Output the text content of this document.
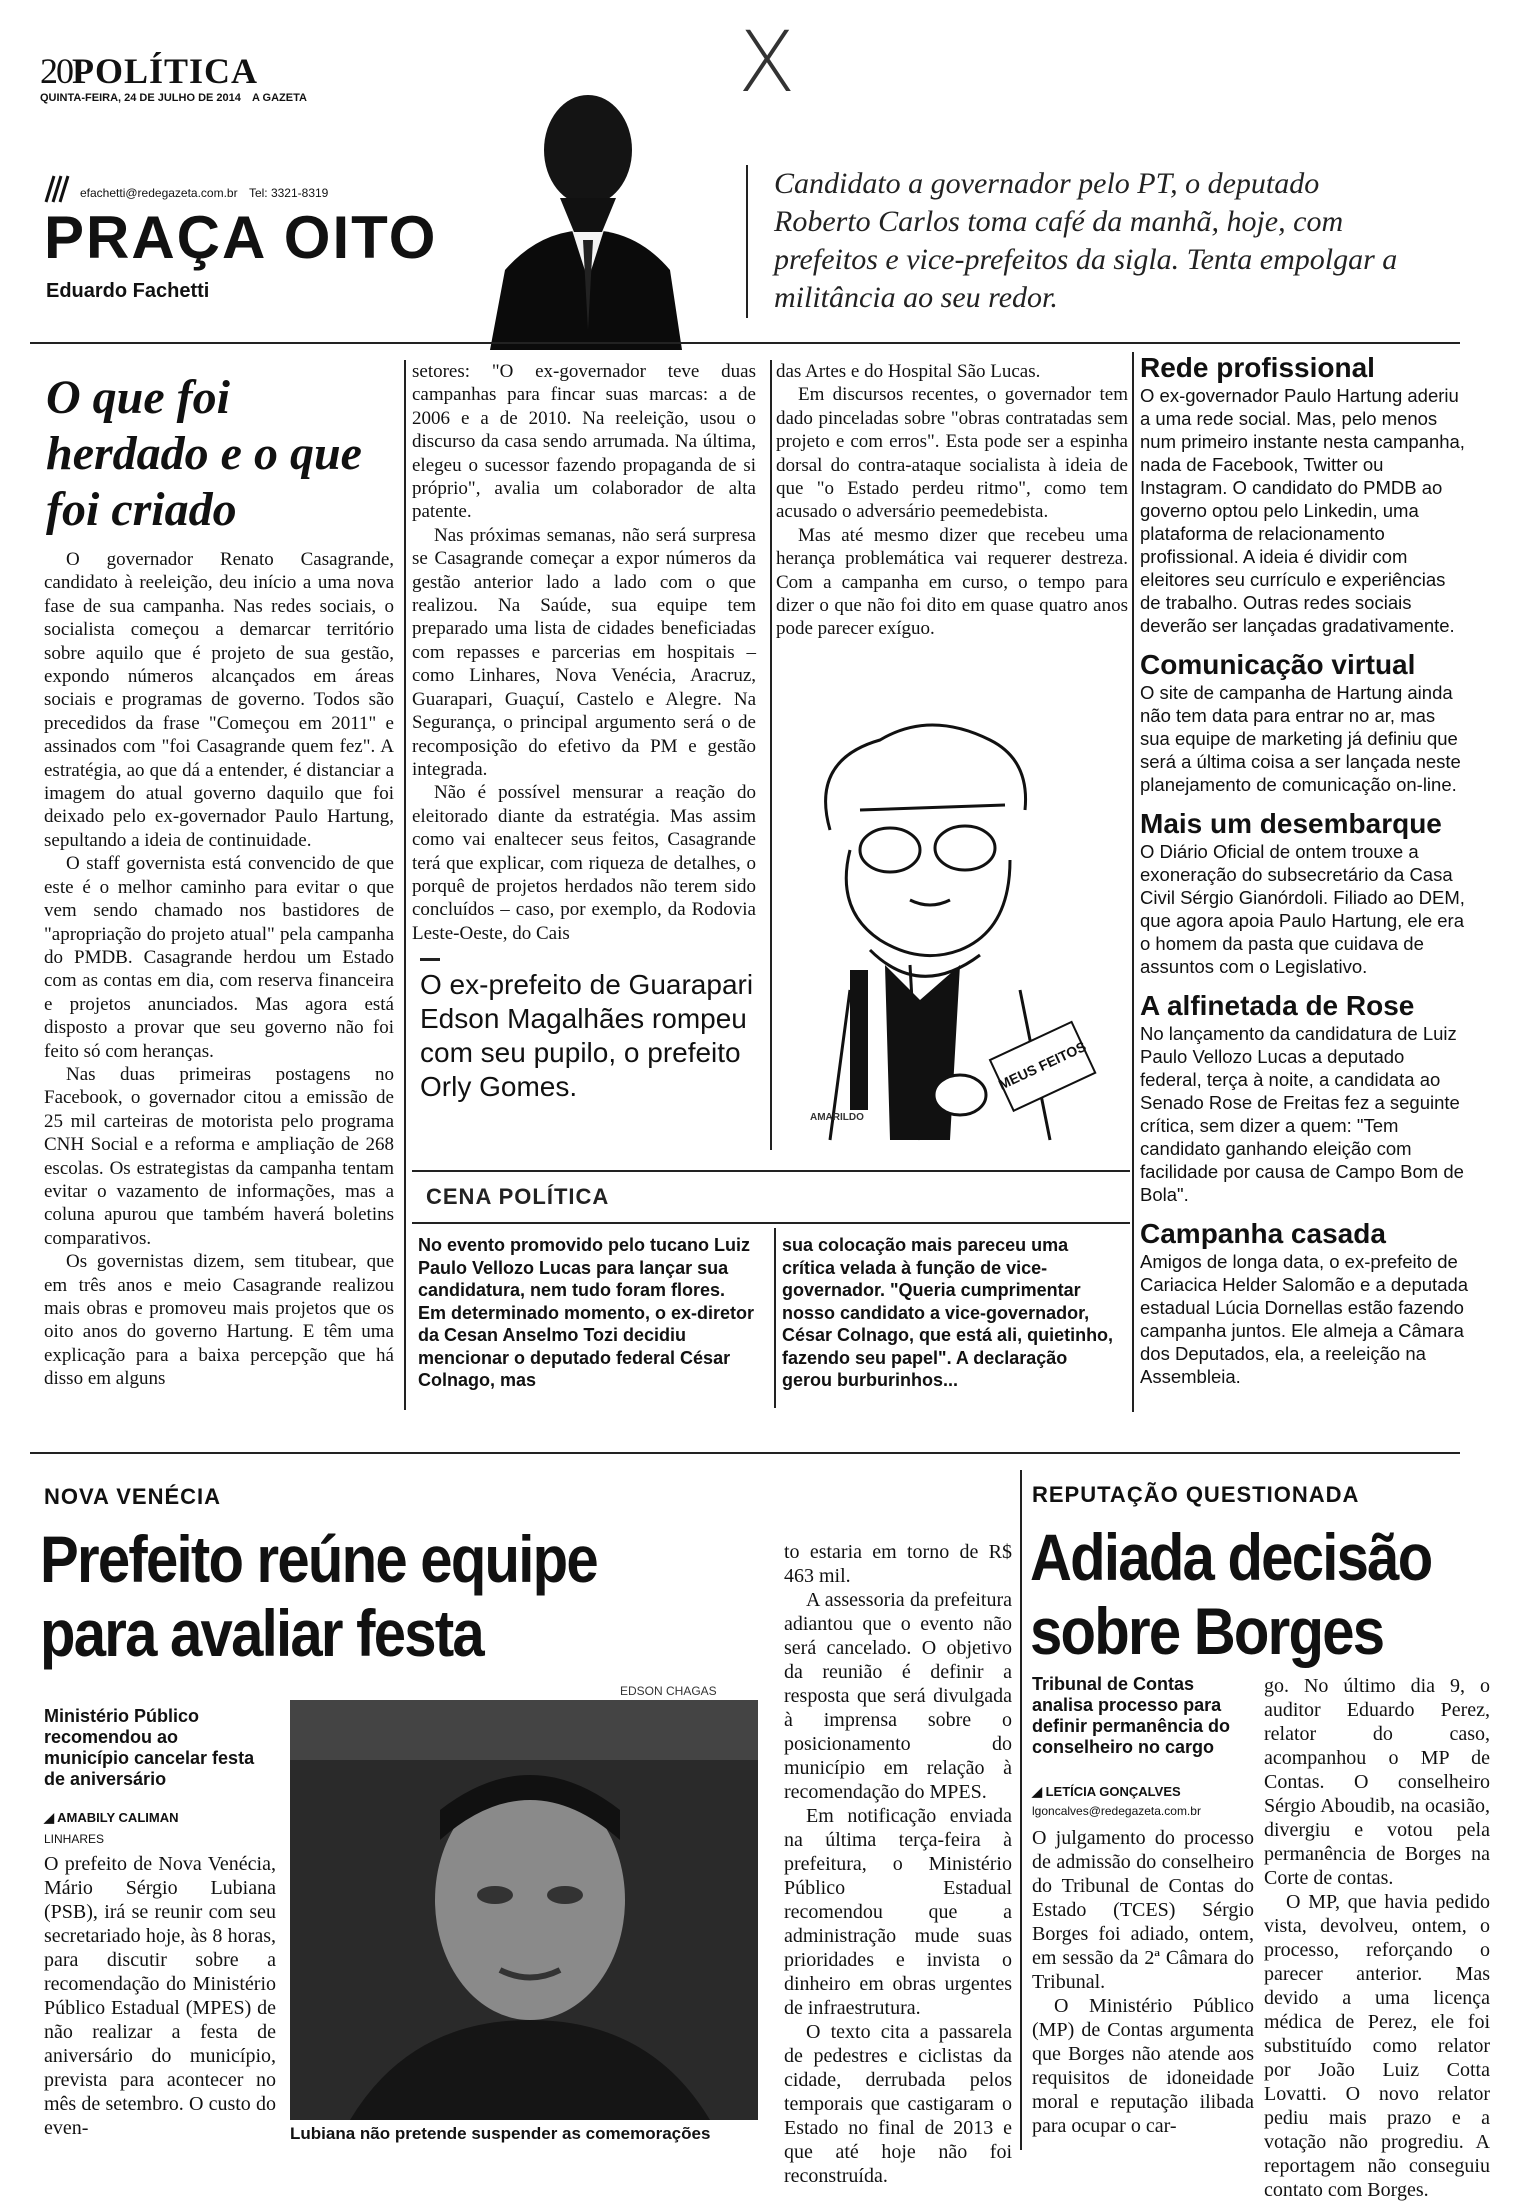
20POLÍTICA
QUINTA-FEIRA, 24 DE JULHO DE 2014 A GAZETA	X
efachetti@redegazeta.com.br Tel: 3321-8319
PRAÇA OITO
Eduardo Fachetti
Candidato a governador pelo PT, o deputado Roberto Carlos toma café da manhã, hoje, com prefeitos e vice-prefeitos da sigla. Tenta empolgar a militância ao seu redor.
O que foi herdado e o que foi criado

O governador Renato Casagrande, candidato à reeleição, deu início a uma nova fase de sua campanha. Nas redes sociais, o socialista começou a demarcar território sobre aquilo que é projeto de sua gestão, expondo números alcançados em áreas sociais e programas de governo. Todos são precedidos da frase "Começou em 2011" e assinados com "foi Casagrande quem fez". A estratégia, ao que dá a entender, é distanciar a imagem do atual governo daquilo que foi deixado pelo ex-governador Paulo Hartung, sepultando a ideia de continuidade.

O staff governista está convencido de que este é o melhor caminho para evitar o que vem sendo chamado nos bastidores de "apropriação do projeto atual" pela campanha do PMDB. Casagrande herdou um Estado com as contas em dia, com reserva financeira e projetos anunciados. Mas agora está disposto a provar que seu governo não foi feito só com heranças.

Nas duas primeiras postagens no Facebook, o governador citou a emissão de 25 mil carteiras de motorista pelo programa CNH Social e a reforma e ampliação de 268 escolas. Os estrategistas da campanha tentam evitar o vazamento de informações, mas a coluna apurou que também haverá boletins comparativos.

Os governistas dizem, sem titubear, que em três anos e meio Casagrande realizou mais obras e promoveu mais projetos que os oito anos do governo Hartung. E têm uma explicação para a baixa percepção que há disso em alguns

setores: "O ex-governador teve duas campanhas para fincar suas marcas: a de 2006 e a de 2010. Na reeleição, usou o discurso da casa sendo arrumada. Na última, elegeu o sucessor fazendo propaganda de si próprio", avalia um colaborador de alta patente.

Nas próximas semanas, não será surpresa se Casagrande começar a expor números da gestão anterior lado a lado com o que realizou. Na Saúde, sua equipe tem preparado uma lista de cidades beneficiadas com repasses e parcerias em hospitais – como Linhares, Nova Venécia, Aracruz, Guarapari, Guaçuí, Castelo e Alegre. Na Segurança, o principal argumento será o de recomposição do efetivo da PM e gestão integrada.

Não é possível mensurar a reação do eleitorado diante da estratégia. Mas assim como vai enaltecer seus feitos, Casagrande terá que explicar, com riqueza de detalhes, o porquê de projetos herdados não terem sido concluídos – caso, por exemplo, da Rodovia Leste-Oeste, do Cais

das Artes e do Hospital São Lucas.

Em discursos recentes, o governador tem dado pinceladas sobre "obras contratadas sem projeto e com erros". Esta pode ser a espinha dorsal do contra-ataque socialista à ideia de que "o Estado perdeu ritmo", como tem acusado o adversário peemedebista.

Mas até mesmo dizer que recebeu uma herança problemática vai requerer destreza. Com a campanha em curso, o tempo para dizer o que não foi dito em quase quatro anos pode parecer exíguo.

O ex-prefeito de Guarapari Edson Magalhães rompeu com seu pupilo, o prefeito Orly Gomes.	MEUS FEITOS
AMARILDO
CENA POLÍTICA
No evento promovido pelo tucano Luiz Paulo Vellozo Lucas para lançar sua candidatura, nem tudo foram flores. Em determinado momento, o ex-diretor da Cesan Anselmo Tozi decidiu mencionar o deputado federal César Colnago, mas
sua colocação mais pareceu uma crítica velada à função de vice-governador. "Queria cumprimentar nosso candidato a vice-governador, César Colnago, que está ali, quietinho, fazendo seu papel". A declaração gerou burburinhos...
Rede profissional
O ex-governador Paulo Hartung aderiu a uma rede social. Mas, pelo menos num primeiro instante nesta campanha, nada de Facebook, Twitter ou Instagram. O candidato do PMDB ao governo optou pelo Linkedin, uma plataforma de relacionamento profissional. A ideia é dividir com eleitores seu currículo e experiências de trabalho. Outras redes sociais deverão ser lançadas gradativamente.
Comunicação virtual
O site de campanha de Hartung ainda não tem data para entrar no ar, mas sua equipe de marketing já definiu que será a última coisa a ser lançada neste planejamento de comunicação on-line.
Mais um desembarque
O Diário Oficial de ontem trouxe a exoneração do subsecretário da Casa Civil Sérgio Gianórdoli. Filiado ao DEM, que agora apoia Paulo Hartung, ele era o homem da pasta que cuidava de assuntos com o Legislativo.
A alfinetada de Rose
No lançamento da candidatura de Luiz Paulo Vellozo Lucas a deputado federal, terça à noite, a candidata ao Senado Rose de Freitas fez a seguinte crítica, sem dizer a quem: "Tem candidato ganhando eleição com facilidade por causa de Campo Bom de Bola".
Campanha casada
Amigos de longa data, o ex-prefeito de Cariacica Helder Salomão e a deputada estadual Lúcia Dornellas estão fazendo campanha juntos. Ele almeja a Câmara dos Deputados, ela, a reeleição na Assembleia.
NOVA VENÉCIA
Prefeito reúne equipe para avaliar festa
Ministério Público recomendou ao município cancelar festa de aniversário
◢ AMABILY CALIMAN
LINHARES

O prefeito de Nova Venécia, Mário Sérgio Lubiana (PSB), irá se reunir com seu secretariado hoje, às 8 horas, para discutir sobre a recomendação do Ministério Público Estadual (MPES) de não realizar a festa de aniversário do município, prevista para acontecer no mês de setembro. O custo do even-

EDSON CHAGAS
Lubiana não pretende suspender as comemorações

to estaria em torno de R$ 463 mil.

A assessoria da prefeitura adiantou que o evento não será cancelado. O objetivo da reunião é definir a resposta que será divulgada à imprensa sobre o posicionamento do município em relação à recomendação do MPES.

Em notificação enviada na última terça-feira à prefeitura, o Ministério Público Estadual recomendou que a administração mude suas prioridades e invista o dinheiro em obras urgentes de infraestrutura.

O texto cita a passarela de pedestres e ciclistas da cidade, derrubada pelos temporais que castigaram o Estado no final de 2013 e que até hoje não foi reconstruída.

REPUTAÇÃO QUESTIONADA
Adiada decisão sobre Borges
Tribunal de Contas analisa processo para definir permanência do conselheiro no cargo
◢ LETÍCIA GONÇALVES
lgoncalves@redegazeta.com.br

O julgamento do processo de admissão do conselheiro do Tribunal de Contas do Estado (TCES) Sérgio Borges foi adiado, ontem, em sessão da 2ª Câmara do Tribunal.

O Ministério Público (MP) de Contas argumenta que Borges não atende aos requisitos de idoneidade moral e reputação ilibada para ocupar o car-

go. No último dia 9, o auditor Eduardo Perez, relator do caso, acompanhou o MP de Contas. O conselheiro Sérgio Aboudib, na ocasião, divergiu e votou pela permanência de Borges na Corte de contas.

O MP, que havia pedido vista, devolveu, ontem, o processo, reforçando o parecer anterior. Mas devido a uma licença médica de Perez, ele foi substituído como relator por João Luiz Cotta Lovatti. O novo relator pediu mais prazo e a votação não progrediu. A reportagem não conseguiu contato com Borges.
